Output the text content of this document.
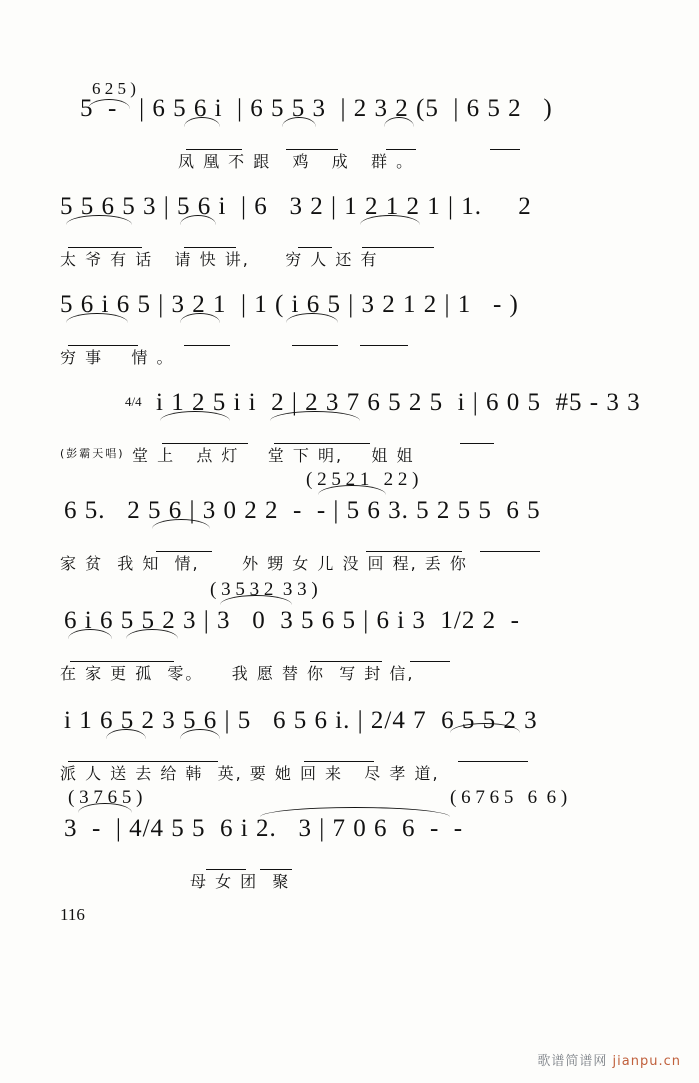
6 2 5 )
5  -   | 6 5 6 i  | 6 5 5 3  | 2 3 2 (5  | 6 5 2   )
凤 凰 不 跟   鸡   成   群 。
5 5 6 5 3 | 5 6 i  | 6   3 2 | 1 2 1 2 1 | 1.     2
太 爷 有 话   请 快 讲,     穷 人 还 有
5 6 i 6 5 | 3 2 1  | 1 ( i 6 5 | 3 2 1 2 | 1   - )
穷 事    情 。
4/4 i 1 2 5 i i  2 | 2 3 7 6 5 2 5  i | 6 0 5  #5 - 3 3
(彭霸天唱) 堂 上   点 灯    堂 下 明,    姐 姐
( 2 5 2 1   2 2 )
6 5.   2 5 6 | 3 0 2 2  -  - | 5 6 3. 5 2 5 5  6 5
家 贫  我 知  情,      外 甥 女 儿 没 回 程, 丢 你
( 3 5 3 2  3 3 )
6 i 6 5 5 2 3 | 3   0  3 5 6 5 | 6 i 3  1/2 2  -
在 家 更 孤  零。    我 愿 替 你  写 封 信,
i 1 6 5 2 3 5 6 | 5   6 5 6 i. | 2/4 7  6 5 5 2 3
派 人 送 去 给 韩  英, 要 她 回 来   尽 孝 道,
( 3 7 6 5 )	( 6 7 6 5   6  6 )
3  -  | 4/4 5 5  6 i 2.   3 | 7 0 6  6  -  -
母 女 团  聚
116
歌谱简谱网 jianpu.cn
